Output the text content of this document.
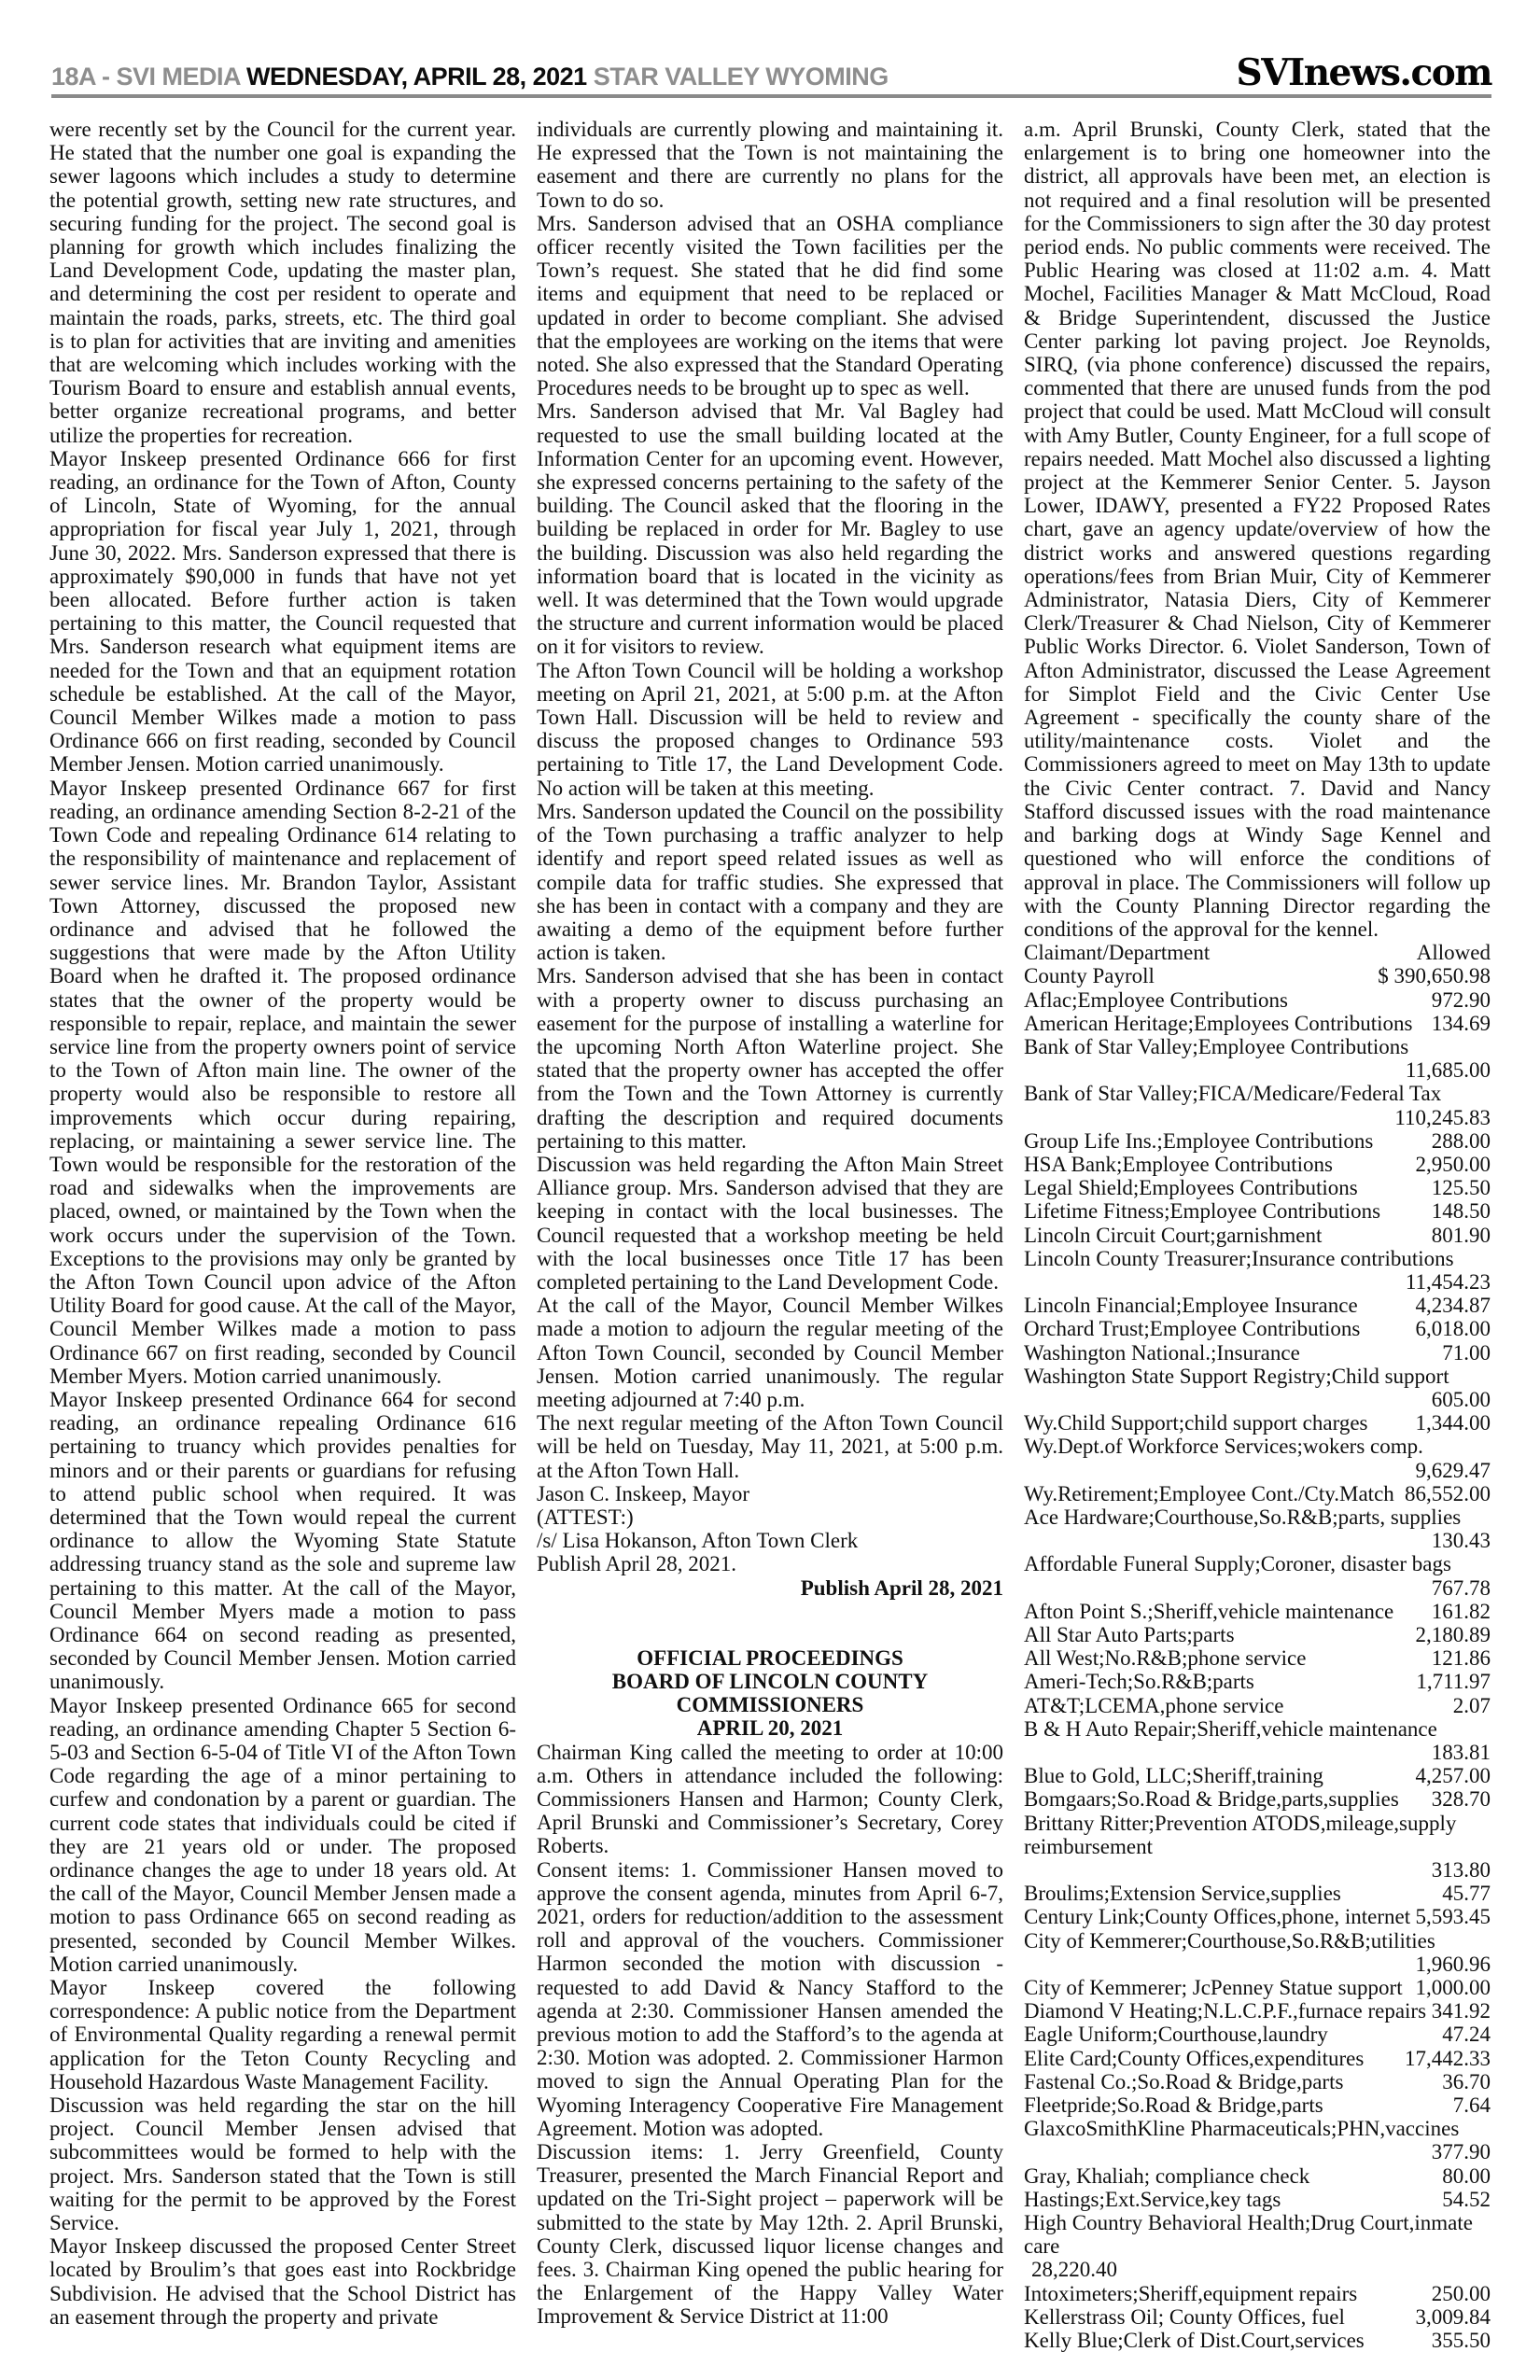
18A - SVI MEDIA WEDNESDAY, APRIL 28, 2021 STAR VALLEY WYOMING	SVInews.com

were recently set by the Council for the current year. He stated that the number one goal is expanding the sewer lagoons which includes a study to determine the potential growth, setting new rate structures, and securing funding for the project. The second goal is planning for growth which includes finalizing the Land Development Code, updating the master plan, and determining the cost per resident to operate and maintain the roads, parks, streets, etc. The third goal is to plan for activities that are inviting and amenities that are welcoming which includes working with the Tourism Board to ensure and establish annual events, better organize recreational programs, and better utilize the properties for recreation.

Mayor Inskeep presented Ordinance 666 for first reading, an ordinance for the Town of Afton, County of Lincoln, State of Wyoming, for the annual appropriation for fiscal year July 1, 2021, through June 30, 2022. Mrs. Sanderson expressed that there is approximately $90,000 in funds that have not yet been allocated. Before further action is taken pertaining to this matter, the Council requested that Mrs. Sanderson research what equipment items are needed for the Town and that an equipment rotation schedule be established. At the call of the Mayor, Council Member Wilkes made a motion to pass Ordinance 666 on first reading, seconded by Council Member Jensen. Motion carried unanimously.

Mayor Inskeep presented Ordinance 667 for first reading, an ordinance amending Section 8-2-21 of the Town Code and repealing Ordinance 614 relating to the responsibility of maintenance and replacement of sewer service lines. Mr. Brandon Taylor, Assistant Town Attorney, discussed the proposed new ordinance and advised that he followed the suggestions that were made by the Afton Utility Board when he drafted it. The proposed ordinance states that the owner of the property would be responsible to repair, replace, and maintain the sewer service line from the property owners point of service to the Town of Afton main line. The owner of the property would also be responsible to restore all improvements which occur during repairing, replacing, or maintaining a sewer service line. The Town would be responsible for the restoration of the road and sidewalks when the improvements are placed, owned, or maintained by the Town when the work occurs under the supervision of the Town. Exceptions to the provisions may only be granted by the Afton Town Council upon advice of the Afton Utility Board for good cause. At the call of the Mayor, Council Member Wilkes made a motion to pass Ordinance 667 on first reading, seconded by Council Member Myers. Motion carried unanimously.

Mayor Inskeep presented Ordinance 664 for second reading, an ordinance repealing Ordinance 616 pertaining to truancy which provides penalties for minors and or their parents or guardians for refusing to attend public school when required. It was determined that the Town would repeal the current ordinance to allow the Wyoming State Statute addressing truancy stand as the sole and supreme law pertaining to this matter. At the call of the Mayor, Council Member Myers made a motion to pass Ordinance 664 on second reading as presented, seconded by Council Member Jensen. Motion carried unanimously.

Mayor Inskeep presented Ordinance 665 for second reading, an ordinance amending Chapter 5 Section 6-5-03 and Section 6-5-04 of Title VI of the Afton Town Code regarding the age of a minor pertaining to curfew and condonation by a parent or guardian. The current code states that individuals could be cited if they are 21 years old or under. The proposed ordinance changes the age to under 18 years old. At the call of the Mayor, Council Member Jensen made a motion to pass Ordinance 665 on second reading as presented, seconded by Council Member Wilkes. Motion carried unanimously.

Mayor Inskeep covered the following correspondence: A public notice from the Department of Environmental Quality regarding a renewal permit application for the Teton County Recycling and Household Hazardous Waste Management Facility.

Discussion was held regarding the star on the hill project. Council Member Jensen advised that subcommittees would be formed to help with the project. Mrs. Sanderson stated that the Town is still waiting for the permit to be approved by the Forest Service.

Mayor Inskeep discussed the proposed Center Street located by Broulim’s that goes east into Rockbridge Subdivision. He advised that the School District has an easement through the property and private

individuals are currently plowing and maintaining it. He expressed that the Town is not maintaining the easement and there are currently no plans for the Town to do so.

Mrs. Sanderson advised that an OSHA compliance officer recently visited the Town facilities per the Town’s request. She stated that he did find some items and equipment that need to be replaced or updated in order to become compliant. She advised that the employees are working on the items that were noted. She also expressed that the Standard Operating Procedures needs to be brought up to spec as well.

Mrs. Sanderson advised that Mr. Val Bagley had requested to use the small building located at the Information Center for an upcoming event. However, she expressed concerns pertaining to the safety of the building. The Council asked that the flooring in the building be replaced in order for Mr. Bagley to use the building. Discussion was also held regarding the information board that is located in the vicinity as well. It was determined that the Town would upgrade the structure and current information would be placed on it for visitors to review.

The Afton Town Council will be holding a workshop meeting on April 21, 2021, at 5:00 p.m. at the Afton Town Hall. Discussion will be held to review and discuss the proposed changes to Ordinance 593 pertaining to Title 17, the Land Development Code. No action will be taken at this meeting.

Mrs. Sanderson updated the Council on the possibility of the Town purchasing a traffic analyzer to help identify and report speed related issues as well as compile data for traffic studies. She expressed that she has been in contact with a company and they are awaiting a demo of the equipment before further action is taken.

Mrs. Sanderson advised that she has been in contact with a property owner to discuss purchasing an easement for the purpose of installing a waterline for the upcoming North Afton Waterline project. She stated that the property owner has accepted the offer from the Town and the Town Attorney is currently drafting the description and required documents pertaining to this matter.

Discussion was held regarding the Afton Main Street Alliance group. Mrs. Sanderson advised that they are keeping in contact with the local businesses. The Council requested that a workshop meeting be held with the local businesses once Title 17 has been completed pertaining to the Land Development Code.

At the call of the Mayor, Council Member Wilkes made a motion to adjourn the regular meeting of the Afton Town Council, seconded by Council Member Jensen. Motion carried unanimously. The regular meeting adjourned at 7:40 p.m.

The next regular meeting of the Afton Town Council will be held on Tuesday, May 11, 2021, at 5:00 p.m. at the Afton Town Hall.

Jason C. Inskeep, Mayor

(ATTEST:)

/s/ Lisa Hokanson, Afton Town Clerk

Publish April 28, 2021.

Publish April 28, 2021
OFFICIAL PROCEEDINGS
BOARD OF LINCOLN COUNTY COMMISSIONERS
APRIL 20, 2021

Chairman King called the meeting to order at 10:00 a.m. Others in attendance included the following: Commissioners Hansen and Harmon; County Clerk, April Brunski and Commissioner’s Secretary, Corey Roberts.

Consent items: 1. Commissioner Hansen moved to approve the consent agenda, minutes from April 6-7, 2021, orders for reduction/addition to the assessment roll and approval of the vouchers. Commissioner Harmon seconded the motion with discussion - requested to add David & Nancy Stafford to the agenda at 2:30. Commissioner Hansen amended the previous motion to add the Stafford’s to the agenda at 2:30. Motion was adopted. 2. Commissioner Harmon moved to sign the Annual Operating Plan for the Wyoming Interagency Cooperative Fire Management Agreement. Motion was adopted.

Discussion items: 1. Jerry Greenfield, County Treasurer, presented the March Financial Report and updated on the Tri-Sight project – paperwork will be submitted to the state by May 12th. 2. April Brunski, County Clerk, discussed liquor license changes and fees. 3. Chairman King opened the public hearing for the Enlargement of the Happy Valley Water Improvement & Service District at 11:00

a.m. April Brunski, County Clerk, stated that the enlargement is to bring one homeowner into the district, all approvals have been met, an election is not required and a final resolution will be presented for the Commissioners to sign after the 30 day protest period ends. No public comments were received. The Public Hearing was closed at 11:02 a.m. 4. Matt Mochel, Facilities Manager & Matt McCloud, Road & Bridge Superintendent, discussed the Justice Center parking lot paving project. Joe Reynolds, SIRQ, (via phone conference) discussed the repairs, commented that there are unused funds from the pod project that could be used. Matt McCloud will consult with Amy Butler, County Engineer, for a full scope of repairs needed. Matt Mochel also discussed a lighting project at the Kemmerer Senior Center. 5. Jayson Lower, IDAWY, presented a FY22 Proposed Rates chart, gave an agency update/overview of how the district works and answered questions regarding operations/fees from Brian Muir, City of Kemmerer Administrator, Natasia Diers, City of Kemmerer Clerk/Treasurer & Chad Nielson, City of Kemmerer Public Works Director. 6. Violet Sanderson, Town of Afton Administrator, discussed the Lease Agreement for Simplot Field and the Civic Center Use Agreement - specifically the county share of the utility/maintenance costs. Violet and the Commissioners agreed to meet on May 13th to update the Civic Center contract. 7. David and Nancy Stafford discussed issues with the road maintenance and barking dogs at Windy Sage Kennel and questioned who will enforce the conditions of approval in place. The Commissioners will follow up with the County Planning Director regarding the conditions of the approval for the kennel.

Claimant/Department	Allowed
County Payroll	$ 390,650.98
Aflac;Employee Contributions	972.90
American Heritage;Employees Contributions 134.69
Bank of Star Valley;Employee Contributions
11,685.00
Bank of Star Valley;FICA/Medicare/Federal Tax
110,245.83
Group Life Ins.;Employee Contributions	288.00
HSA Bank;Employee Contributions	2,950.00
Legal Shield;Employees Contributions	125.50
Lifetime Fitness;Employee Contributions 148.50
Lincoln Circuit Court;garnishment	801.90
Lincoln County Treasurer;Insurance contributions
11,454.23
Lincoln Financial;Employee Insurance	4,234.87
Orchard Trust;Employee Contributions	6,018.00
Washington National.;Insurance	71.00
Washington State Support Registry;Child support
605.00
Wy.Child Support;child support charges 1,344.00
Wy.Dept.of Workforce Services;wokers comp.
9,629.47
Wy.Retirement;Employee Cont./Cty.Match 86,552.00
Ace Hardware;Courthouse,So.R&B;parts, supplies
130.43
Affordable Funeral Supply;Coroner, disaster bags
767.78
Afton Point S.;Sheriff,vehicle maintenance 161.82
All Star Auto Parts;parts	2,180.89
All West;No.R&B;phone service	121.86
Ameri-Tech;So.R&B;parts	1,711.97
AT&T;LCEMA,phone service	2.07
B & H Auto Repair;Sheriff,vehicle maintenance
183.81
Blue to Gold, LLC;Sheriff,training	4,257.00
Bomgaars;So.Road & Bridge,parts,supplies 328.70
Brittany Ritter;Prevention ATODS,mileage,supply reimbursement
313.80
Broulims;Extension Service,supplies	45.77
Century Link;County Offices,phone, internet 5,593.45
City of Kemmerer;Courthouse,So.R&B;utilities
1,960.96
City of Kemmerer; JcPenney Statue support 1,000.00
Diamond V Heating;N.L.C.P.F.,furnace repairs 341.92
Eagle Uniform;Courthouse,laundry	47.24
Elite Card;County Offices,expenditures 17,442.33
Fastenal Co.;So.Road & Bridge,parts	36.70
Fleetpride;So.Road & Bridge,parts	7.64
GlaxcoSmithKline Pharmaceuticals;PHN,vaccines
377.90
Gray, Khaliah; compliance check	80.00
Hastings;Ext.Service,key tags	54.52
High Country Behavioral Health;Drug Court,inmate care
28,220.40
Intoximeters;Sheriff,equipment repairs	250.00
Kellerstrass Oil; County Offices, fuel	3,009.84
Kelly Blue;Clerk of Dist.Court,services	355.50
